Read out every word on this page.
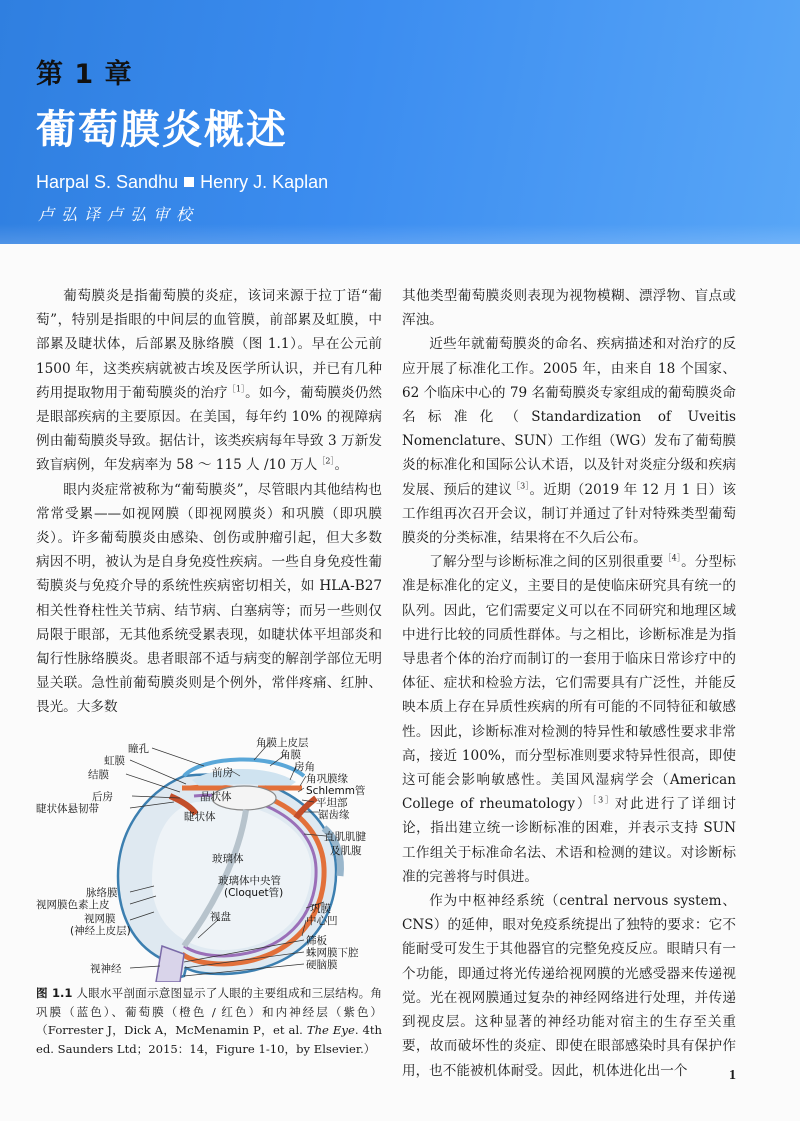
第 1 章
葡萄膜炎概述
Harpal S. Sandhu Henry J. Kaplan
卢弘译卢弘审校

葡萄膜炎是指葡萄膜的炎症，该词来源于拉丁语“葡萄”，特别是指眼的中间层的血管膜，前部累及虹膜，中部累及睫状体，后部累及脉络膜（图 1.1）。早在公元前 1500 年，这类疾病就被古埃及医学所认识，并已有几种药用提取物用于葡萄膜炎的治疗$^{[1]}$。如今，葡萄膜炎仍然是眼部疾病的主要原因。在美国，每年约 10% 的视障病例由葡萄膜炎导致。据估计，该类疾病每年导致 3 万新发致盲病例，年发病率为 58 ～ 115 人 /10 万人$^{[2]}$。

眼内炎症常被称为“葡萄膜炎”，尽管眼内其他结构也常常受累——如视网膜（即视网膜炎）和巩膜（即巩膜炎）。许多葡萄膜炎由感染、创伤或肿瘤引起，但大多数病因不明，被认为是自身免疫性疾病。一些自身免疫性葡萄膜炎与免疫介导的系统性疾病密切相关，如 HLA-B27 相关性脊柱性关节病、结节病、白塞病等；而另一些则仅局限于眼部，无其他系统受累表现，如睫状体平坦部炎和匐行性脉络膜炎。患者眼部不适与病变的解剖学部位无明显关联。急性前葡萄膜炎则是个例外，常伴疼痛、红肿、畏光。大多数

瞳孔
虹膜
结膜
后房
睫状体悬韧带
睫状体
前房
晶状体
角膜上皮层
角膜
房角
角巩膜缘
Schlemm管
平坦部
锯齿缘
直肌肌腱
及肌腹
玻璃体
玻璃体中央管
(Cloquet管)
脉络膜
视网膜色素上皮
视网膜
(神经上皮层)
视盘
巩膜
中心凹
筛板
蛛网膜下腔
硬脑膜
视神经
图 1.1 人眼水平剖面示意图显示了人眼的主要组成和三层结构。角巩膜（蓝色）、葡萄膜（橙色 / 红色）和内神经层（紫色）（Forrester J，Dick A，McMenamin P，et al. The Eye. 4th ed. Saunders Ltd；2015：14，Figure 1-10，by Elsevier.）

其他类型葡萄膜炎则表现为视物模糊、漂浮物、盲点或浑浊。

近些年就葡萄膜炎的命名、疾病描述和对治疗的反应开展了标准化工作。2005 年，由来自 18 个国家、62 个临床中心的 79 名葡萄膜炎专家组成的葡萄膜炎命名标准化（Standardization of Uveitis Nomenclature、SUN）工作组（WG）发布了葡萄膜炎的标准化和国际公认术语，以及针对炎症分级和疾病发展、预后的建议$^{[3]}$。近期（2019 年 12 月 1 日）该工作组再次召开会议，制订并通过了针对特殊类型葡萄膜炎的分类标准，结果将在不久后公布。

了解分型与诊断标准之间的区别很重要$^{[4]}$。分型标准是标准化的定义，主要目的是使临床研究具有统一的队列。因此，它们需要定义可以在不同研究和地理区域中进行比较的同质性群体。与之相比，诊断标准是为指导患者个体的治疗而制订的一套用于临床日常诊疗中的体征、症状和检验方法，它们需要具有广泛性，并能反映本质上存在异质性疾病的所有可能的不同特征和敏感性。因此，诊断标准对检测的特异性和敏感性要求非常高，接近 100%，而分型标准则要求特异性很高，即使这可能会影响敏感性。美国风湿病学会（American College of rheumatology）$^{[3]}$对此进行了详细讨论，指出建立统一诊断标准的困难，并表示支持 SUN 工作组关于标准命名法、术语和检测的建议。对诊断标准的完善将与时俱进。

作为中枢神经系统（central nervous system、CNS）的延伸，眼对免疫系统提出了独特的要求：它不能耐受可发生于其他器官的完整免疫反应。眼睛只有一个功能，即通过将光传递给视网膜的光感受器来传递视觉。光在视网膜通过复杂的神经网络进行处理，并传递到视皮层。这种显著的神经功能对宿主的生存至关重要，故而破坏性的炎症、即使在眼部感染时具有保护作用，也不能被机体耐受。因此，机体进化出一个	1
